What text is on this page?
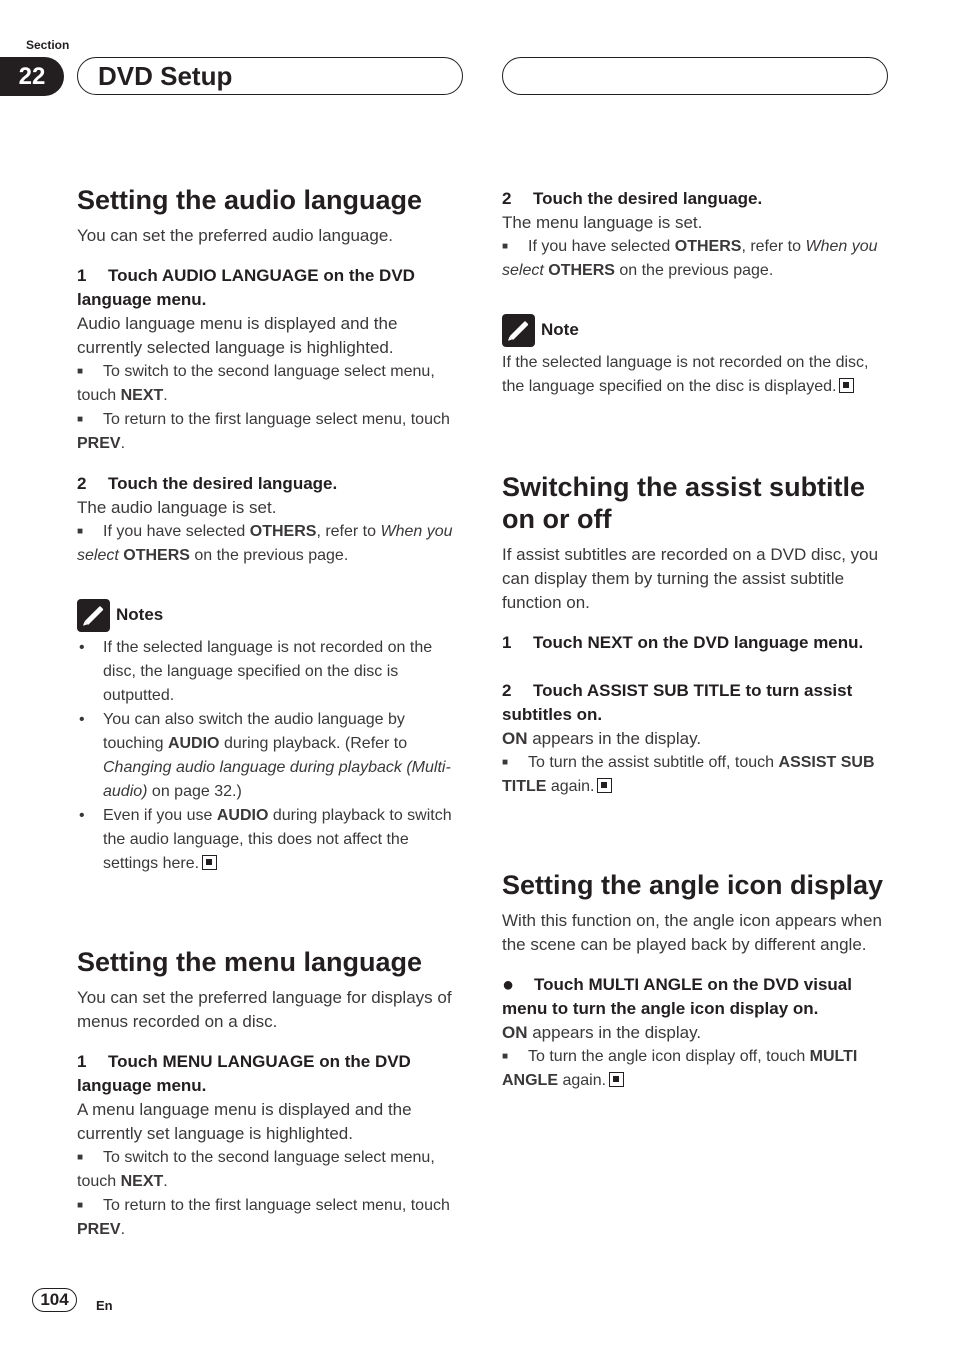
Section
22	DVD Setup
Setting the audio language

You can set the preferred audio language.

1 Touch AUDIO LANGUAGE on the DVD language menu.

Audio language menu is displayed and the currently selected language is highlighted.

■ To switch to the second language select menu, touch NEXT.

■ To return to the first language select menu, touch PREV.

2 Touch the desired language.

The audio language is set.

■ If you have selected OTHERS, refer to When you select OTHERS on the previous page.

Notes
• If the selected language is not recorded on the disc, the language specified on the disc is outputted.
• You can also switch the audio language by touching AUDIO during playback. (Refer to Changing audio language during playback (Multi-audio) on page 32.)
• Even if you use AUDIO during playback to switch the audio language, this does not affect the settings here.
Setting the menu language

You can set the preferred language for displays of menus recorded on a disc.

1 Touch MENU LANGUAGE on the DVD language menu.

A menu language menu is displayed and the currently set language is highlighted.

■ To switch to the second language select menu, touch NEXT.

■ To return to the first language select menu, touch PREV.

2 Touch the desired language.

The menu language is set.

■ If you have selected OTHERS, refer to When you select OTHERS on the previous page.

Note

If the selected language is not recorded on the disc, the language specified on the disc is displayed.

Switching the assist subtitle on or off

If assist subtitles are recorded on a DVD disc, you can display them by turning the assist subtitle function on.

1 Touch NEXT on the DVD language menu.

2 Touch ASSIST SUB TITLE to turn assist subtitles on.

ON appears in the display.

■ To turn the assist subtitle off, touch ASSIST SUB TITLE again.

Setting the angle icon display

With this function on, the angle icon appears when the scene can be played back by different angle.

● Touch MULTI ANGLE on the DVD visual menu to turn the angle icon display on.

ON appears in the display.

■ To turn the angle icon display off, touch MULTI ANGLE again.

104	En
